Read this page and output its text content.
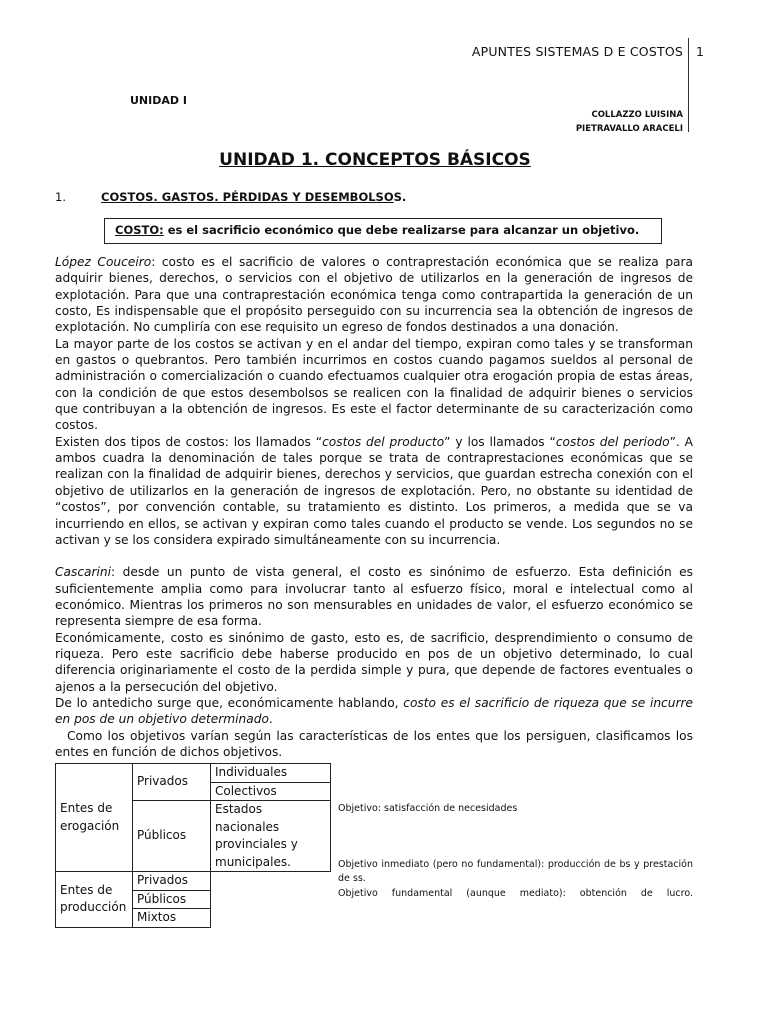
APUNTES SISTEMAS D E COSTOS 1
UNIDAD I
COLLAZZO LUISINA
PIETRAVALLO ARACELI
UNIDAD 1. CONCEPTOS BÁSICOS
1.	COSTOS. GASTOS. PÉRDIDAS Y DESEMBOLSOS.
COSTO: es el sacrificio económico que debe realizarse para alcanzar un objetivo.

López Couceiro: costo es el sacrificio de valores o contraprestación económica que se realiza para adquirir bienes, derechos, o servicios con el objetivo de utilizarlos en la generación de ingresos de explotación. Para que una contraprestación económica tenga como contrapartida la generación de un costo, Es indispensable que el propósito perseguido con su incurrencia sea la obtención de ingresos de explotación. No cumpliría con ese requisito un egreso de fondos destinados a una donación.

La mayor parte de los costos se activan y en el andar del tiempo, expiran como tales y se transforman en gastos o quebrantos. Pero también incurrimos en costos cuando pagamos sueldos al personal de administración o comercialización o cuando efectuamos cualquier otra erogación propia de estas áreas, con la condición de que estos desembolsos se realicen con la finalidad de adquirir bienes o servicios que contribuyan a la obtención de ingresos. Es este el factor determinante de su caracterización como costos.

Existen dos tipos de costos: los llamados “costos del producto” y los llamados “costos del periodo”. A ambos cuadra la denominación de tales porque se trata de contraprestaciones económicas que se realizan con la finalidad de adquirir bienes, derechos y servicios, que guardan estrecha conexión con el objetivo de utilizarlos en la generación de ingresos de explotación. Pero, no obstante su identidad de “costos”, por convención contable, su tratamiento es distinto. Los primeros, a medida que se va incurriendo en ellos, se activan y expiran como tales cuando el producto se vende. Los segundos no se activan y se los considera expirado simultáneamente con su incurrencia.

Cascarini: desde un punto de vista general, el costo es sinónimo de esfuerzo. Esta definición es suficientemente amplia como para involucrar tanto al esfuerzo físico, moral e intelectual como al económico. Mientras los primeros no son mensurables en unidades de valor, el esfuerzo económico se representa siempre de esa forma.

Económicamente, costo es sinónimo de gasto, esto es, de sacrificio, desprendimiento o consumo de riqueza. Pero este sacrificio debe haberse producido en pos de un objetivo determinado, lo cual diferencia originariamente el costo de la perdida simple y pura, que depende de factores eventuales o ajenos a la persecución del objetivo.

De lo antedicho surge que, económicamente hablando, costo es el sacrificio de riqueza que se incurre en pos de un objetivo determinado.

Como los objetivos varían según las características de los entes que los persiguen, clasificamos los entes en función de dichos objetivos.

Entes de erogación	Privados	Individuales
		Colectivos
	Públicos	Estados nacionales provinciales y municipales.

Entes de producción	Privados	
	Públicos	
	Mixtos	
Objetivo: satisfacción de necesidades
Objetivo inmediato (pero no fundamental): producción de bs y prestación de ss.
Objetivo fundamental (aunque mediato): obtención de lucro.
